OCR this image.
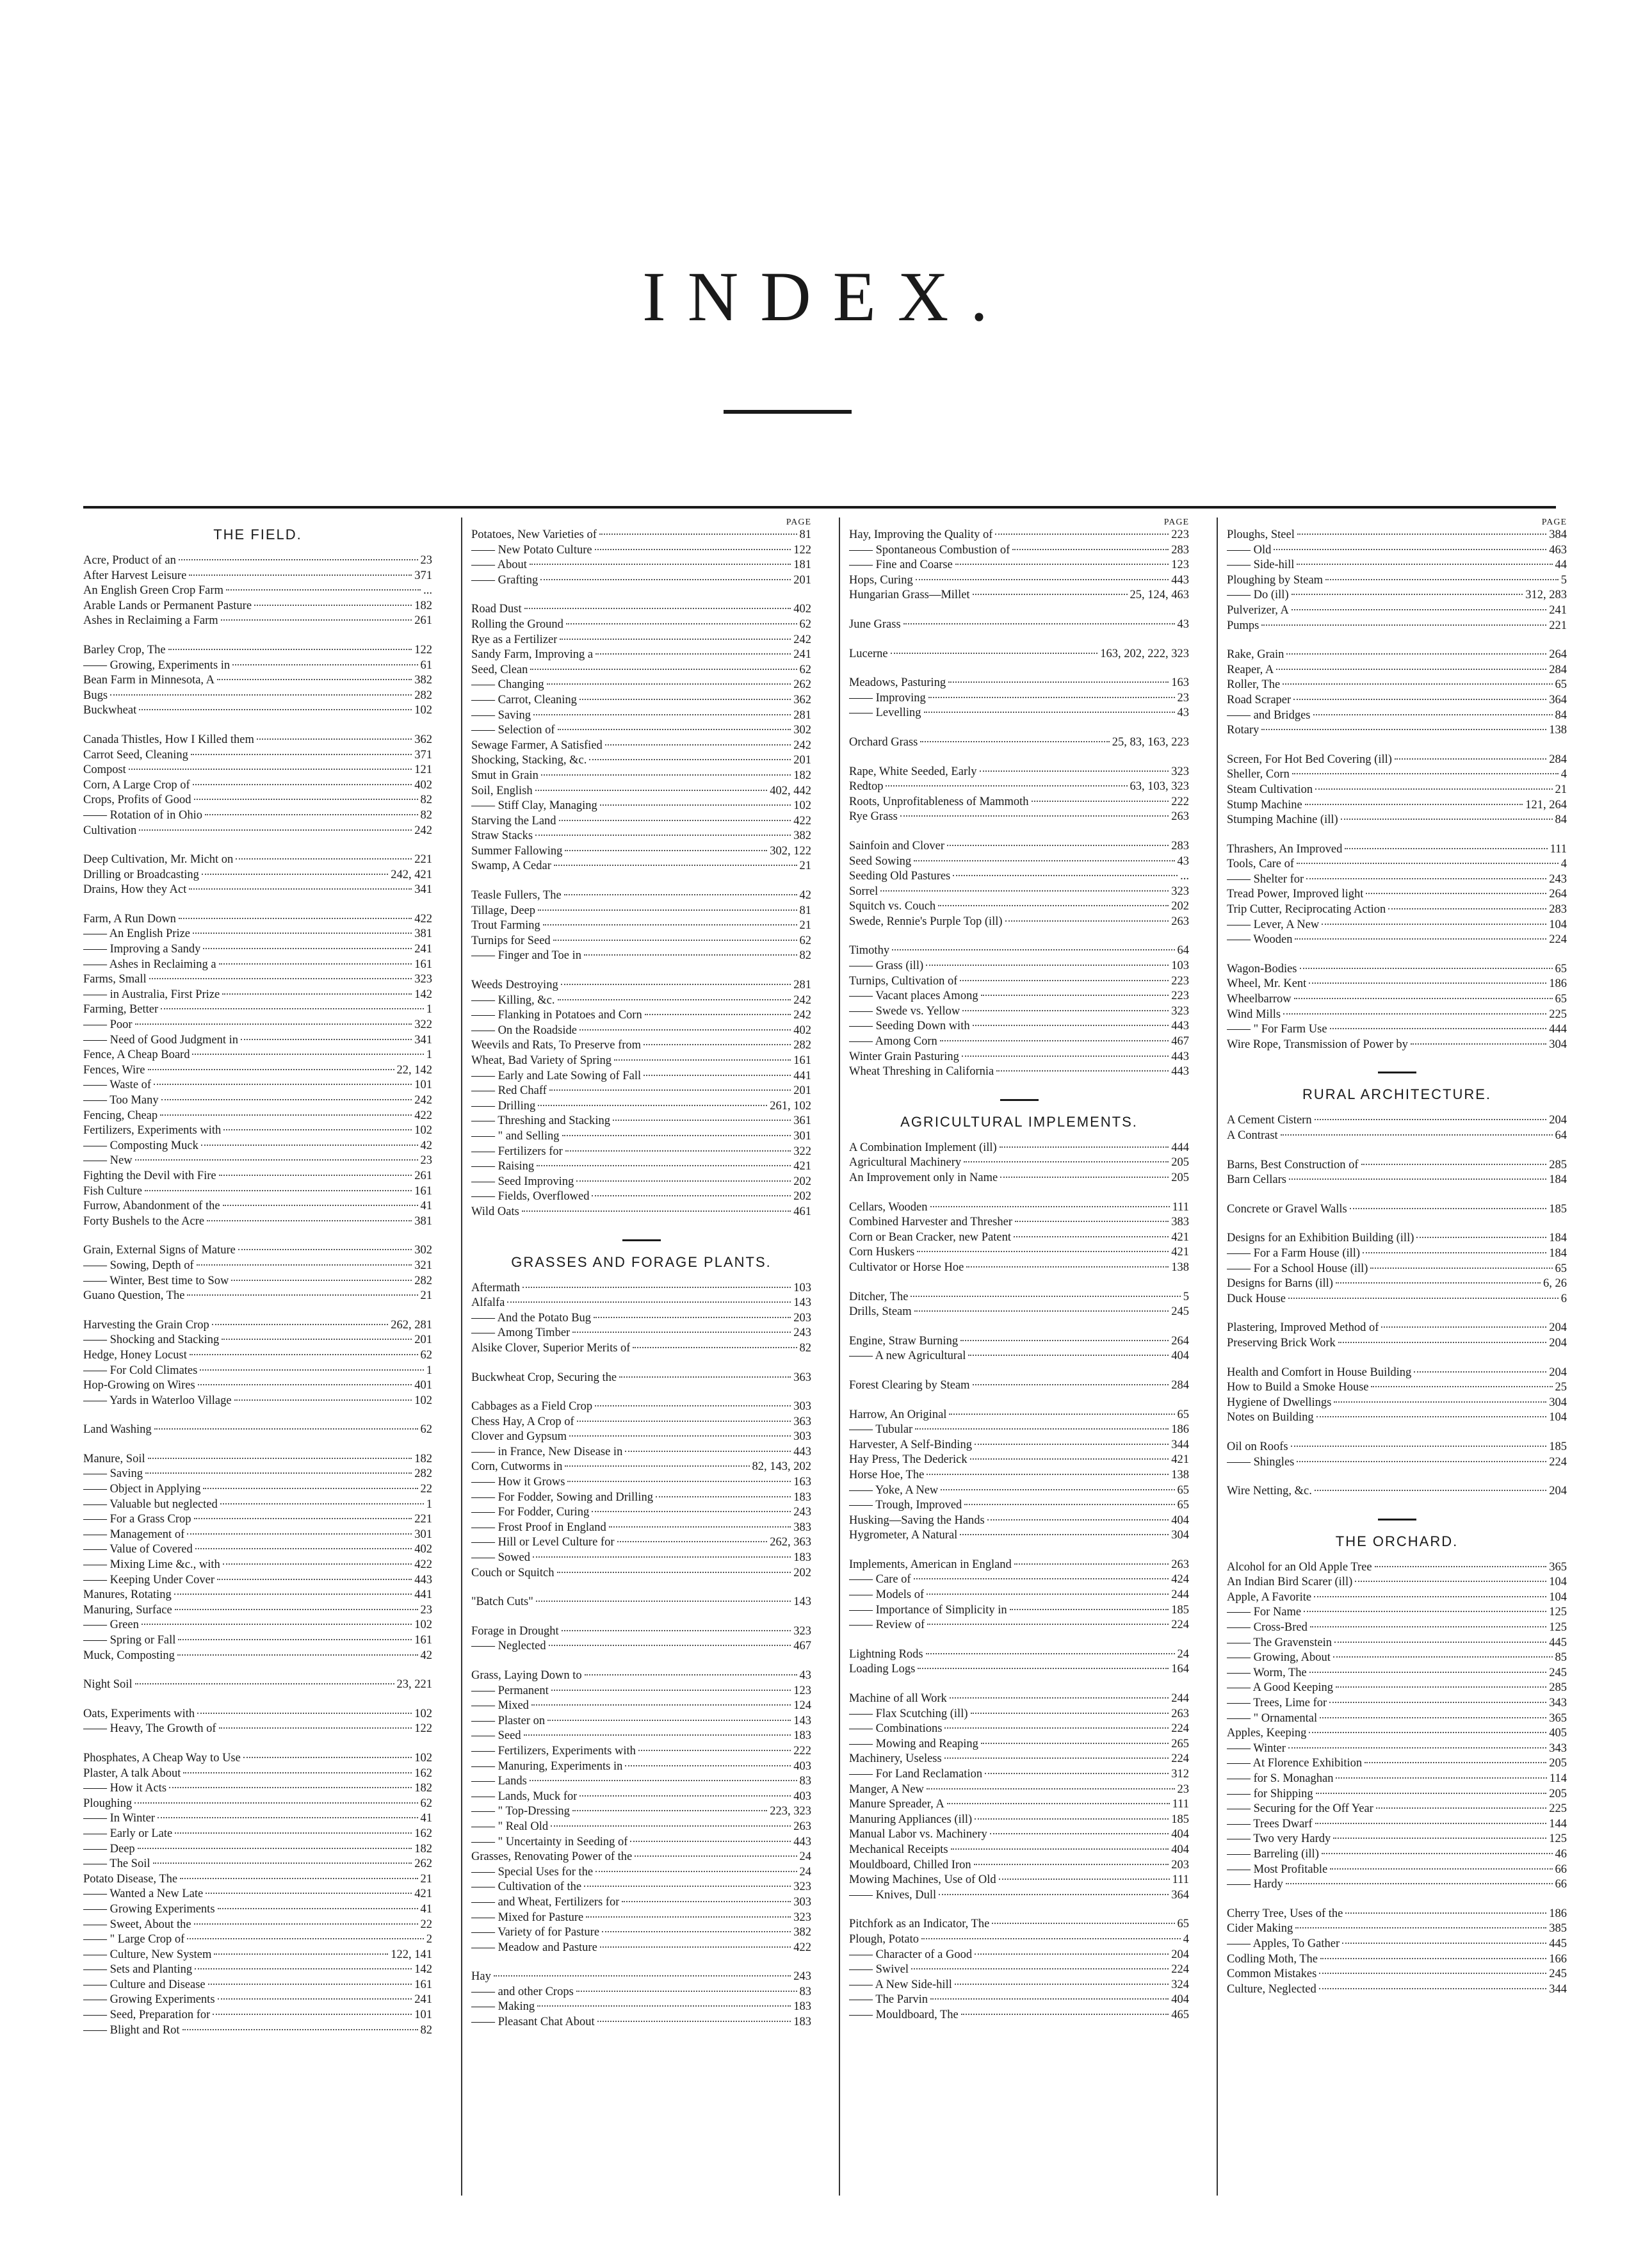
INDEX.
THE FIELD.
Acre, Product of an	23
After Harvest Leisure	371
An English Green Crop Farm	...
Arable Lands or Permanent Pasture	182
Ashes in Reclaiming a Farm	261
Barley Crop, The	122
—— Growing, Experiments in	61
Bean Farm in Minnesota, A	382
Bugs	282
Buckwheat	102
Canada Thistles, How I Killed them	362
Carrot Seed, Cleaning	371
Compost	121
Corn, A Large Crop of	402
Crops, Profits of Good	82
—— Rotation of in Ohio	82
Cultivation	242
Deep Cultivation, Mr. Micht on	221
Drilling or Broadcasting	242, 421
Drains, How they Act	341
Farm, A Run Down	422
—— An English Prize	381
—— Improving a Sandy	241
—— Ashes in Reclaiming a	161
Farms, Small	323
—— in Australia, First Prize	142
Farming, Better	1
—— Poor	322
—— Need of Good Judgment in	341
Fence, A Cheap Board	1
Fences, Wire	22, 142
—— Waste of	101
—— Too Many	242
Fencing, Cheap	422
Fertilizers, Experiments with	102
—— Composting Muck	42
—— New	23
Fighting the Devil with Fire	261
Fish Culture	161
Furrow, Abandonment of the	41
Forty Bushels to the Acre	381
Grain, External Signs of Mature	302
—— Sowing, Depth of	321
—— Winter, Best time to Sow	282
Guano Question, The	21
Harvesting the Grain Crop	262, 281
—— Shocking and Stacking	201
Hedge, Honey Locust	62
—— For Cold Climates	1
Hop-Growing on Wires	401
—— Yards in Waterloo Village	102
Land Washing	62
Manure, Soil	182
—— Saving	282
—— Object in Applying	22
—— Valuable but neglected	1
—— For a Grass Crop	221
—— Management of	301
—— Value of Covered	402
—— Mixing Lime &c., with	422
—— Keeping Under Cover	443
Manures, Rotating	441
Manuring, Surface	23
—— Green	102
—— Spring or Fall	161
Muck, Composting	42
Night Soil	23, 221
Oats, Experiments with	102
—— Heavy, The Growth of	122
Phosphates, A Cheap Way to Use	102
Plaster, A talk About	162
—— How it Acts	182
Ploughing	62
—— In Winter	41
—— Early or Late	162
—— Deep	182
—— The Soil	262
Potato Disease, The	21
—— Wanted a New Late	421
—— Growing Experiments	41
—— Sweet, About the	22
—— " Large Crop of	2
—— Culture, New System	122, 141
—— Sets and Planting	142
—— Culture and Disease	161
—— Growing Experiments	241
—— Seed, Preparation for	101
—— Blight and Rot	82
PAGE
Potatoes, New Varieties of	81
—— New Potato Culture	122
—— About	181
—— Grafting	201
Road Dust	402
Rolling the Ground	62
Rye as a Fertilizer	242
Sandy Farm, Improving a	241
Seed, Clean	62
—— Changing	262
—— Carrot, Cleaning	362
—— Saving	281
—— Selection of	302
Sewage Farmer, A Satisfied	242
Shocking, Stacking, &c.	201
Smut in Grain	182
Soil, English	402, 442
—— Stiff Clay, Managing	102
Starving the Land	422
Straw Stacks	382
Summer Fallowing	302, 122
Swamp, A Cedar	21
Teasle Fullers, The	42
Tillage, Deep	81
Trout Farming	21
Turnips for Seed	62
—— Finger and Toe in	82
Weeds Destroying	281
—— Killing, &c.	242
—— Flanking in Potatoes and Corn	242
—— On the Roadside	402
Weevils and Rats, To Preserve from	282
Wheat, Bad Variety of Spring	161
—— Early and Late Sowing of Fall	441
—— Red Chaff	201
—— Drilling	261, 102
—— Threshing and Stacking	361
—— " and Selling	301
—— Fertilizers for	322
—— Raising	421
—— Seed Improving	202
—— Fields, Overflowed	202
Wild Oats	461
GRASSES AND FORAGE PLANTS.
Aftermath	103
Alfalfa	143
—— And the Potato Bug	203
—— Among Timber	243
Alsike Clover, Superior Merits of	82
Buckwheat Crop, Securing the	363
Cabbages as a Field Crop	303
Chess Hay, A Crop of	363
Clover and Gypsum	303
—— in France, New Disease in	443
Corn, Cutworms in	82, 143, 202
—— How it Grows	163
—— For Fodder, Sowing and Drilling	183
—— For Fodder, Curing	243
—— Frost Proof in England	383
—— Hill or Level Culture for	262, 363
—— Sowed	183
Couch or Squitch	202
"Batch Cuts"	143
Forage in Drought	323
—— Neglected	467
Grass, Laying Down to	43
—— Permanent	123
—— Mixed	124
—— Plaster on	143
—— Seed	183
—— Fertilizers, Experiments with	222
—— Manuring, Experiments in	403
—— Lands	83
—— Lands, Muck for	403
—— " Top-Dressing	223, 323
—— " Real Old	263
—— " Uncertainty in Seeding of	443
Grasses, Renovating Power of the	24
—— Special Uses for the	24
—— Cultivation of the	323
—— and Wheat, Fertilizers for	303
—— Mixed for Pasture	323
—— Variety of for Pasture	382
—— Meadow and Pasture	422
Hay	243
—— and other Crops	83
—— Making	183
—— Pleasant Chat About	183
PAGE
Hay, Improving the Quality of	223
—— Spontaneous Combustion of	283
—— Fine and Coarse	123
Hops, Curing	443
Hungarian Grass—Millet	25, 124, 463
June Grass	43
Lucerne	163, 202, 222, 323
Meadows, Pasturing	163
—— Improving	23
—— Levelling	43
Orchard Grass	25, 83, 163, 223
Rape, White Seeded, Early	323
Redtop	63, 103, 323
Roots, Unprofitableness of Mammoth	222
Rye Grass	263
Sainfoin and Clover	283
Seed Sowing	43
Seeding Old Pastures	...
Sorrel	323
Squitch vs. Couch	202
Swede, Rennie's Purple Top (ill)	263
Timothy	64
—— Grass (ill)	103
Turnips, Cultivation of	223
—— Vacant places Among	223
—— Swede vs. Yellow	323
—— Seeding Down with	443
—— Among Corn	467
Winter Grain Pasturing	443
Wheat Threshing in California	443
AGRICULTURAL IMPLEMENTS.
A Combination Implement (ill)	444
Agricultural Machinery	205
An Improvement only in Name	205
Cellars, Wooden	111
Combined Harvester and Thresher	383
Corn or Bean Cracker, new Patent	421
Corn Huskers	421
Cultivator or Horse Hoe	138
Ditcher, The	5
Drills, Steam	245
Engine, Straw Burning	264
—— A new Agricultural	404
Forest Clearing by Steam	284
Harrow, An Original	65
—— Tubular	186
Harvester, A Self-Binding	344
Hay Press, The Dederick	421
Horse Hoe, The	138
—— Yoke, A New	65
—— Trough, Improved	65
Husking—Saving the Hands	404
Hygrometer, A Natural	304
Implements, American in England	263
—— Care of	424
—— Models of	244
—— Importance of Simplicity in	185
—— Review of	224
Lightning Rods	24
Loading Logs	164
Machine of all Work	244
—— Flax Scutching (ill)	263
—— Combinations	224
—— Mowing and Reaping	265
Machinery, Useless	224
—— For Land Reclamation	312
Manger, A New	23
Manure Spreader, A	111
Manuring Appliances (ill)	185
Manual Labor vs. Machinery	404
Mechanical Receipts	404
Mouldboard, Chilled Iron	203
Mowing Machines, Use of Old	111
—— Knives, Dull	364
Pitchfork as an Indicator, The	65
Plough, Potato	4
—— Character of a Good	204
—— Swivel	224
—— A New Side-hill	324
—— The Parvin	404
—— Mouldboard, The	465
PAGE
Ploughs, Steel	384
—— Old	463
—— Side-hill	44
Ploughing by Steam	5
—— Do (ill)	312, 283
Pulverizer, A	241
Pumps	221
Rake, Grain	264
Reaper, A	284
Roller, The	65
Road Scraper	364
—— and Bridges	84
Rotary	138
Screen, For Hot Bed Covering (ill)	284
Sheller, Corn	4
Steam Cultivation	21
Stump Machine	121, 264
Stumping Machine (ill)	84
Thrashers, An Improved	111
Tools, Care of	4
—— Shelter for	243
Tread Power, Improved light	264
Trip Cutter, Reciprocating Action	283
—— Lever, A New	104
—— Wooden	224
Wagon-Bodies	65
Wheel, Mr. Kent	186
Wheelbarrow	65
Wind Mills	225
—— " For Farm Use	444
Wire Rope, Transmission of Power by	304
RURAL ARCHITECTURE.
A Cement Cistern	204
A Contrast	64
Barns, Best Construction of	285
Barn Cellars	184
Concrete or Gravel Walls	185
Designs for an Exhibition Building (ill)	184
—— For a Farm House (ill)	184
—— For a School House (ill)	65
Designs for Barns (ill)	6, 26
Duck House	6
Plastering, Improved Method of	204
Preserving Brick Work	204
Health and Comfort in House Building	204
How to Build a Smoke House	25
Hygiene of Dwellings	304
Notes on Building	104
Oil on Roofs	185
—— Shingles	224
Wire Netting, &c.	204
THE ORCHARD.
Alcohol for an Old Apple Tree	365
An Indian Bird Scarer (ill)	104
Apple, A Favorite	104
—— For Name	125
—— Cross-Bred	125
—— The Gravenstein	445
—— Growing, About	85
—— Worm, The	245
—— A Good Keeping	285
—— Trees, Lime for	343
—— " Ornamental	365
Apples, Keeping	405
—— Winter	343
—— At Florence Exhibition	205
—— for S. Monaghan	114
—— for Shipping	205
—— Securing for the Off Year	225
—— Trees Dwarf	144
—— Two very Hardy	125
—— Barreling (ill)	46
—— Most Profitable	66
—— Hardy	66
Cherry Tree, Uses of the	186
Cider Making	385
—— Apples, To Gather	445
Codling Moth, The	166
Common Mistakes	245
Culture, Neglected	344
